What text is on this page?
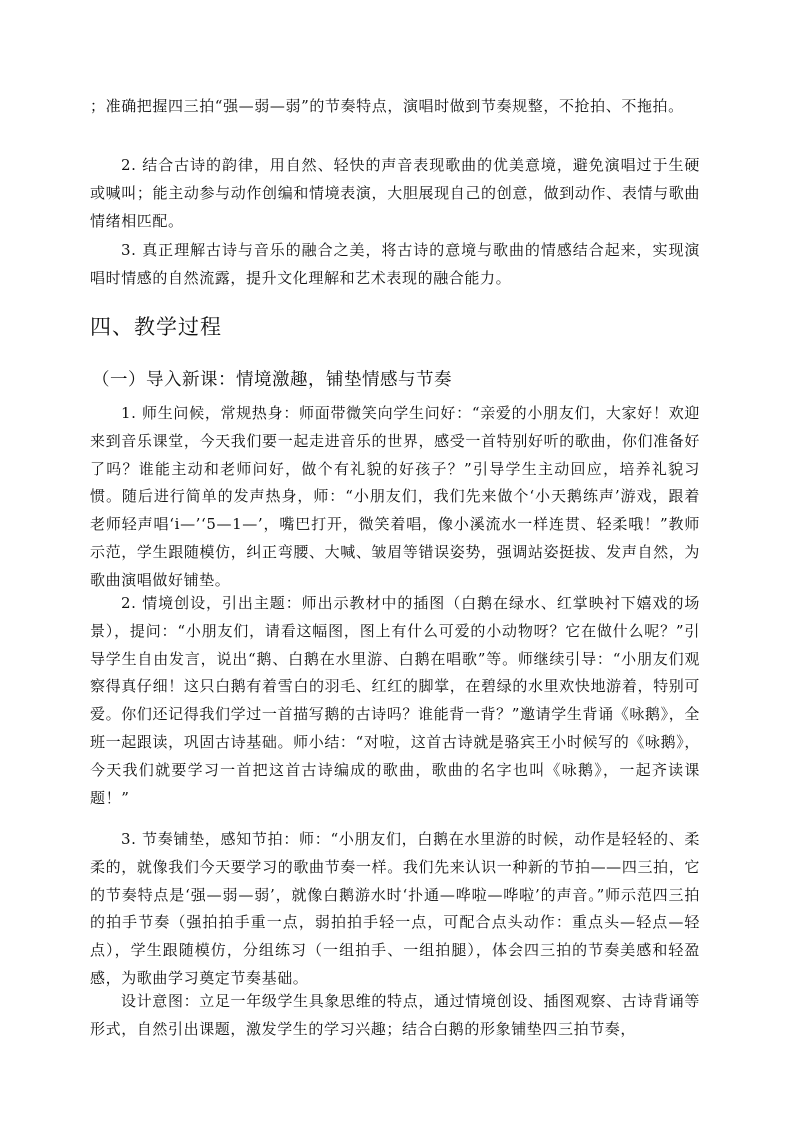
；准确把握四三拍“强—弱—弱”的节奏特点，演唱时做到节奏规整，不抢拍、不拖拍。

2. 结合古诗的韵律，用自然、轻快的声音表现歌曲的优美意境，避免演唱过于生硬或喊叫；能主动参与动作创编和情境表演，大胆展现自己的创意，做到动作、表情与歌曲情绪相匹配。

3. 真正理解古诗与音乐的融合之美，将古诗的意境与歌曲的情感结合起来，实现演唱时情感的自然流露，提升文化理解和艺术表现的融合能力。

四、教学过程
（一）导入新课：情境激趣，铺垫情感与节奏

1. 师生问候，常规热身：师面带微笑向学生问好：“亲爱的小朋友们，大家好！欢迎来到音乐课堂，今天我们要一起走进音乐的世界，感受一首特别好听的歌曲，你们准备好了吗？谁能主动和老师问好，做个有礼貌的好孩子？”引导学生主动回应，培养礼貌习惯。随后进行简单的发声热身，师：“小朋友们，我们先来做个‘小天鹅练声’游戏，跟着老师轻声唱‘i—’‘5—1—’，嘴巴打开，微笑着唱，像小溪流水一样连贯、轻柔哦！”教师示范，学生跟随模仿，纠正弯腰、大喊、皱眉等错误姿势，强调站姿挺拔、发声自然，为歌曲演唱做好铺垫。

2. 情境创设，引出主题：师出示教材中的插图（白鹅在绿水、红掌映衬下嬉戏的场景），提问：“小朋友们，请看这幅图，图上有什么可爱的小动物呀？它在做什么呢？”引导学生自由发言，说出“鹅、白鹅在水里游、白鹅在唱歌”等。师继续引导：“小朋友们观察得真仔细！这只白鹅有着雪白的羽毛、红红的脚掌，在碧绿的水里欢快地游着，特别可爱。你们还记得我们学过一首描写鹅的古诗吗？谁能背一背？”邀请学生背诵《咏鹅》，全班一起跟读，巩固古诗基础。师小结：“对啦，这首古诗就是骆宾王小时候写的《咏鹅》，今天我们就要学习一首把这首古诗编成的歌曲，歌曲的名字也叫《咏鹅》，一起齐读课题！”

3. 节奏铺垫，感知节拍：师：“小朋友们，白鹅在水里游的时候，动作是轻轻的、柔柔的，就像我们今天要学习的歌曲节奏一样。我们先来认识一种新的节拍——四三拍，它的节奏特点是‘强—弱—弱’，就像白鹅游水时‘扑通—哗啦—哗啦’的声音。”师示范四三拍的拍手节奏（强拍拍手重一点，弱拍拍手轻一点，可配合点头动作：重点头—轻点—轻点），学生跟随模仿，分组练习（一组拍手、一组拍腿），体会四三拍的节奏美感和轻盈感，为歌曲学习奠定节奏基础。

设计意图：立足一年级学生具象思维的特点，通过情境创设、插图观察、古诗背诵等形式，自然引出课题，激发学生的学习兴趣；结合白鹅的形象铺垫四三拍节奏，
